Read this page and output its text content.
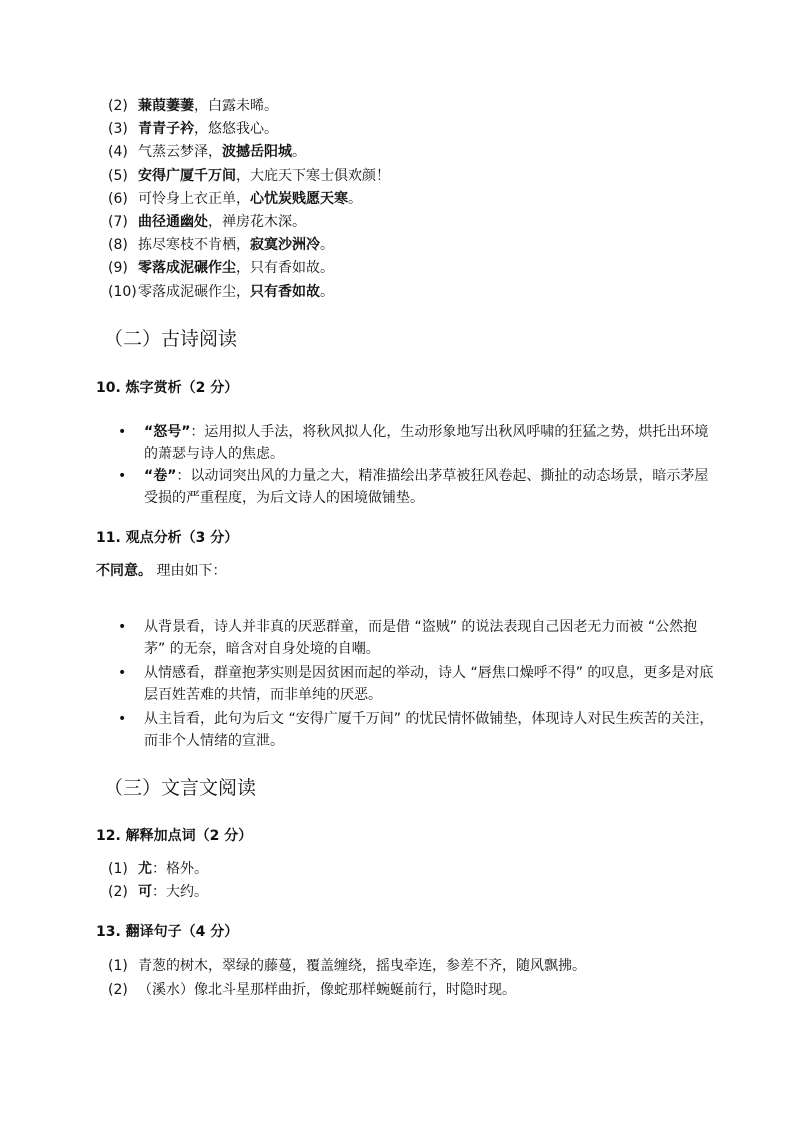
(2) 蒹葭萋萋，白露未晞。
(3) 青青子衿，悠悠我心。
(4) 气蒸云梦泽，波撼岳阳城。
(5) 安得广厦千万间，大庇天下寒士俱欢颜！
(6) 可怜身上衣正单，心忧炭贱愿天寒。
(7) 曲径通幽处，禅房花木深。
(8) 拣尽寒枝不肯栖，寂寞沙洲冷。
(9) 零落成泥碾作尘，只有香如故。
(10)零落成泥碾作尘，只有香如故。
（二）古诗阅读
10. 炼字赏析（2 分）
• “怒号”：运用拟人手法，将秋风拟人化，生动形象地写出秋风呼啸的狂猛之势，烘托出环境的萧瑟与诗人的焦虑。
• “卷”：以动词突出风的力量之大，精准描绘出茅草被狂风卷起、撕扯的动态场景，暗示茅屋受损的严重程度，为后文诗人的困境做铺垫。
11. 观点分析（3 分）
不同意。 理由如下：
• 从背景看，诗人并非真的厌恶群童，而是借 “盗贼” 的说法表现自己因老无力而被 “公然抱茅” 的无奈，暗含对自身处境的自嘲。
• 从情感看，群童抱茅实则是因贫困而起的举动，诗人 “唇焦口燥呼不得” 的叹息，更多是对底层百姓苦难的共情，而非单纯的厌恶。
• 从主旨看，此句为后文 “安得广厦千万间” 的忧民情怀做铺垫，体现诗人对民生疾苦的关注，而非个人情绪的宣泄。
（三）文言文阅读
12. 解释加点词（2 分）
(1) 尤：格外。
(2) 可：大约。
13. 翻译句子（4 分）
(1) 青葱的树木，翠绿的藤蔓，覆盖缠绕，摇曳牵连，参差不齐，随风飘拂。
(2) （溪水）像北斗星那样曲折，像蛇那样蜿蜒前行，时隐时现。
